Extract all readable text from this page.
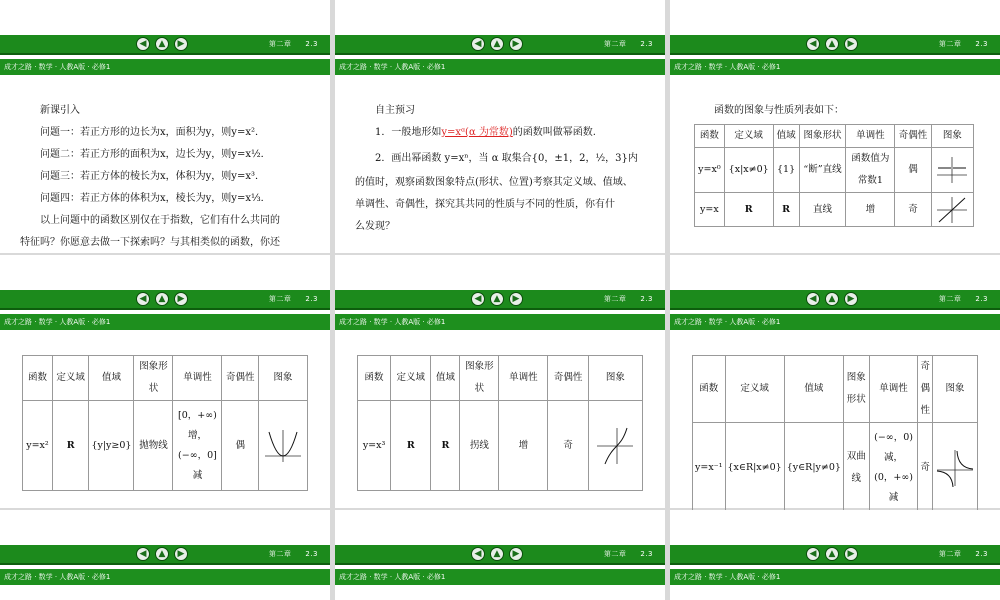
◀	▲	▶	第二章 2.3
成才之路 · 数学 · 人教A版 · 必修1
新课引入
问题一：若正方形的边长为x，面积为y，则y=x²．
问题二：若正方形的面积为x，边长为y，则y=x½．
问题三：若正方体的棱长为x，体积为y，则y=x³．
问题四：若正方体的体积为x，棱长为y，则y=x⅓．
以上问题中的函数区别仅在于指数，它们有什么共同的
特征吗？你愿意去做一下探索吗？与其相类似的函数，你还
◀	▲	▶	第二章 2.3
成才之路 · 数学 · 人教A版 · 必修1
自主预习
1．一般地形如y=xᵅ(α 为常数)的函数叫做幂函数.
2．画出幂函数 y=xⁿ，当 α 取集合{0，±1，2，½，3}内
的值时，观察函数图象特点(形状、位置)考察其定义域、值域、
单调性、奇偶性，探究其共同的性质与不同的性质，你有什
么发现？
◀	▲	▶	第二章 2.3
成才之路 · 数学 · 人教A版 · 必修1
函数的图象与性质列表如下：
函数	定义域	值域	图象形状	单调性	奇偶性	图象
y=x⁰	{x|x≠0}	{1}	“断”直线	函数值为常数1	偶	

y=x	R	R	直线	增	奇	
◀	▲	▶	第二章 2.3
成才之路 · 数学 · 人教A版 · 必修1
函数	定义域	值域	图象形状	单调性	奇偶性	图象
y=x²	R	{y|y≥0}	抛物线	[0，+∞)增，(−∞，0]减	偶	
◀	▲	▶	第二章 2.3
成才之路 · 数学 · 人教A版 · 必修1
函数	定义域	值域	图象形状	单调性	奇偶性	图象
y=x³	R	R	拐线	增	奇	
◀	▲	▶	第二章 2.3
成才之路 · 数学 · 人教A版 · 必修1
函数	定义域	值域	图象形状	单调性	奇偶性	图象
y=x⁻¹	{x∈R|x≠0}	{y∈R|y≠0}	双曲线	(−∞，0)减，(0，+∞)减	奇	
◀	▲	▶	第二章 2.3
成才之路 · 数学 · 人教A版 · 必修1
◀	▲	▶	第二章 2.3
成才之路 · 数学 · 人教A版 · 必修1
◀	▲	▶	第二章 2.3
成才之路 · 数学 · 人教A版 · 必修1
